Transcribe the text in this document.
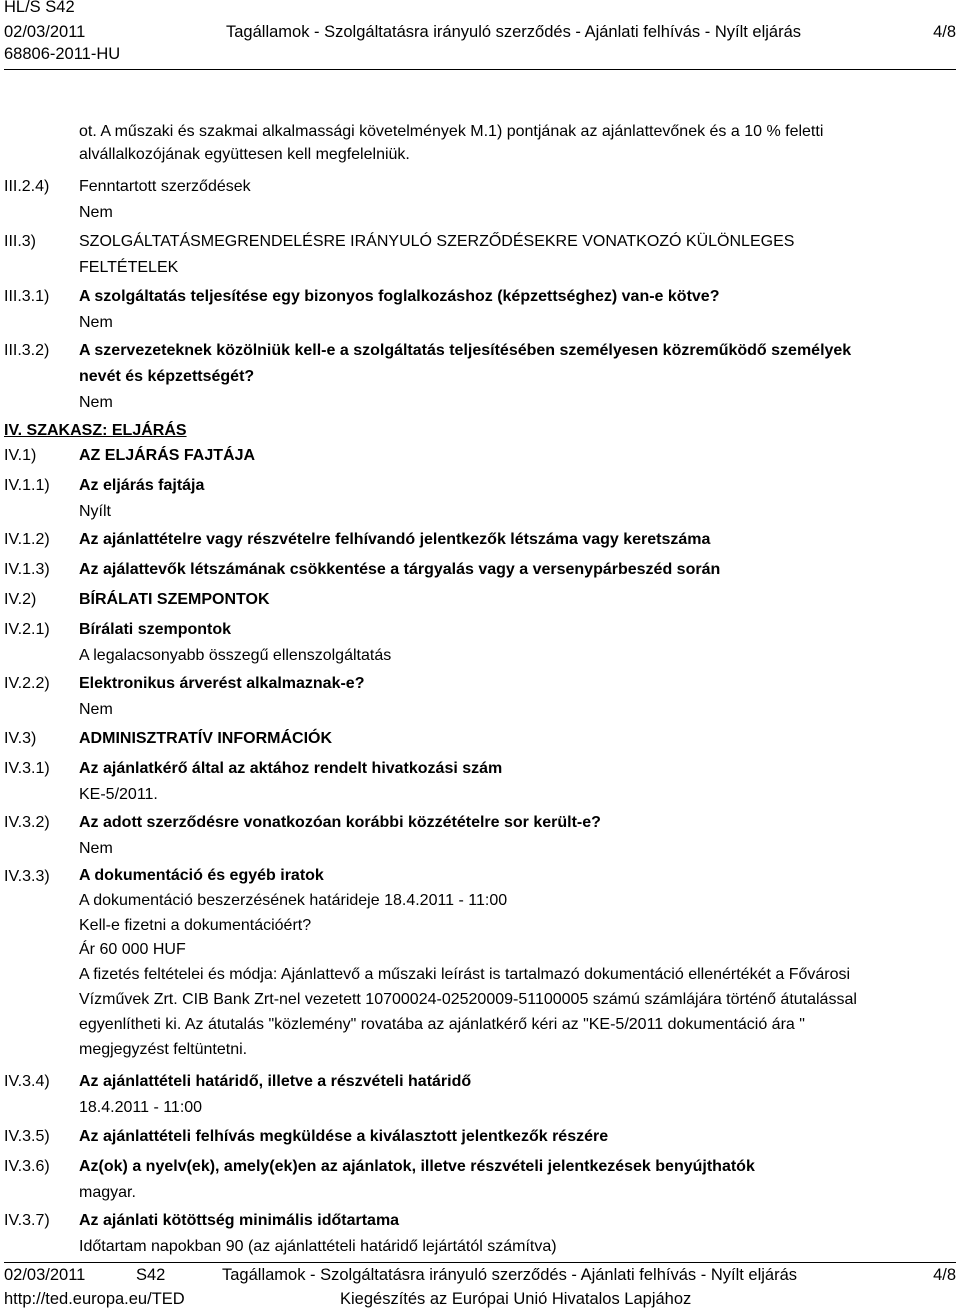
HL/S S42
02/03/2011
68806-2011-HU
Tagállamok - Szolgáltatásra irányuló szerződés - Ajánlati felhívás - Nyílt eljárás	4/8
ot. A műszaki és szakmai alkalmassági követelmények M.1) pontjának az ajánlattevőnek és a 10 % feletti
alvállalkozójának együttesen kell megfelelniük.
III.2.4) Fenntartott szerződések
Nem
III.3)	SZOLGÁLTATÁSMEGRENDELÉSRE IRÁNYULÓ SZERZŐDÉSEKRE VONATKOZÓ KÜLÖNLEGES
FELTÉTELEK
III.3.1) A szolgáltatás teljesítése egy bizonyos foglalkozáshoz (képzettséghez) van-e kötve?
Nem
III.3.2) A szervezeteknek közölniük kell-e a szolgáltatás teljesítésében személyesen közreműködő személyek
nevét és képzettségét?
Nem
IV. SZAKASZ: ELJÁRÁS
IV.1)	AZ ELJÁRÁS FAJTÁJA
IV.1.1) Az eljárás fajtája
Nyílt
IV.1.2) Az ajánlattételre vagy részvételre felhívandó jelentkezők létszáma vagy keretszáma
IV.1.3) Az ajálattevők létszámának csökkentése a tárgyalás vagy a versenypárbeszéd során
IV.2)	BÍRÁLATI SZEMPONTOK
IV.2.1) Bírálati szempontok
A legalacsonyabb összegű ellenszolgáltatás
IV.2.2) Elektronikus árverést alkalmaznak-e?
Nem
IV.3)	ADMINISZTRATÍV INFORMÁCIÓK
IV.3.1) Az ajánlatkérő által az aktához rendelt hivatkozási szám
KE-5/2011.
IV.3.2) Az adott szerződésre vonatkozóan korábbi közzétételre sor került-e?
Nem
IV.3.3) A dokumentáció és egyéb iratok
A dokumentáció beszerzésének határideje 18.4.2011 - 11:00
Kell-e fizetni a dokumentációért?
Ár 60 000 HUF
A fizetés feltételei és módja: Ajánlattevő a műszaki leírást is tartalmazó dokumentáció ellenértékét a Fővárosi
Vízművek Zrt. CIB Bank Zrt-nel vezetett 10700024-02520009-51100005 számú számlájára történő átutalással
egyenlítheti ki. Az átutalás "közlemény" rovatába az ajánlatkérő kéri az "KE-5/2011 dokumentáció ára "
megjegyzést feltüntetni.
IV.3.4) Az ajánlattételi határidő, illetve a részvételi határidő
18.4.2011 - 11:00
IV.3.5) Az ajánlattételi felhívás megküldése a kiválasztott jelentkezők részére
IV.3.6) Az(ok) a nyelv(ek), amely(ek)en az ajánlatok, illetve részvételi jelentkezések benyújthatók
magyar.
IV.3.7) Az ajánlati kötöttség minimális időtartama
Időtartam napokban 90 (az ajánlattételi határidő lejártától számítva)
02/03/2011	S42	Tagállamok - Szolgáltatásra irányuló szerződés - Ajánlati felhívás - Nyílt eljárás	4/8
http://ted.europa.eu/TED	Kiegészítés az Európai Unió Hivatalos Lapjához
